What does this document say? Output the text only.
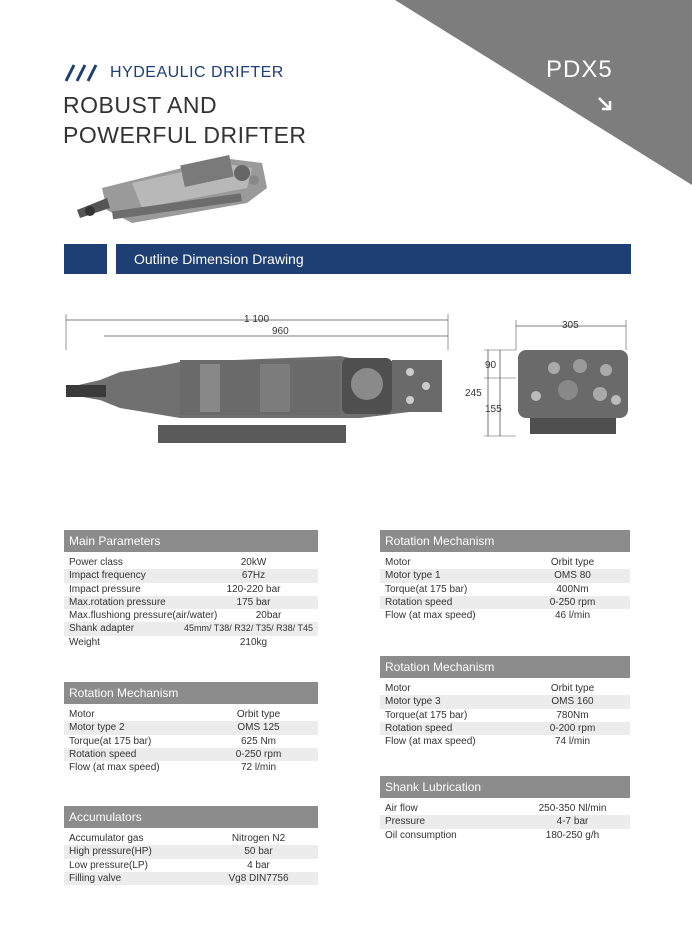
PDX5
HYDEAULIC DRIFTER
ROBUST AND
POWERFUL DRIFTER
Outline Dimension Drawing
1 100
960
305
90
245
155
Main Parameters
Power class	20kW
Impact frequency	67Hz
Impact pressure	120-220 bar
Max.rotation pressure	175 bar
Max.flushiong pressure(air/water)	20bar
Shank adapter	45mm/ T38/ R32/ T35/ R38/ T45
Weight	210kg
Rotation Mechanism
Motor	Orbit type
Motor type 2	OMS 125
Torque(at 175 bar)	625 Nm
Rotation speed	0-250 rpm
Flow (at max speed)	72 l/min
Accumulators
Accumulator gas	Nitrogen N2
High pressure(HP)	50 bar
Low pressure(LP)	4 bar
Filling valve	Vg8 DIN7756
Rotation Mechanism
Motor	Orbit type
Motor type 1	OMS 80
Torque(at 175 bar)	400Nm
Rotation speed	0-250 rpm
Flow (at max speed)	46 l/min
Rotation Mechanism
Motor	Orbit type
Motor type 3	OMS 160
Torque(at 175 bar)	780Nm
Rotation speed	0-200 rpm
Flow (at max speed)	74 l/min
Shank Lubrication
Air flow	250-350 Nl/min
Pressure	4-7 bar
Oil consumption	180-250 g/h
